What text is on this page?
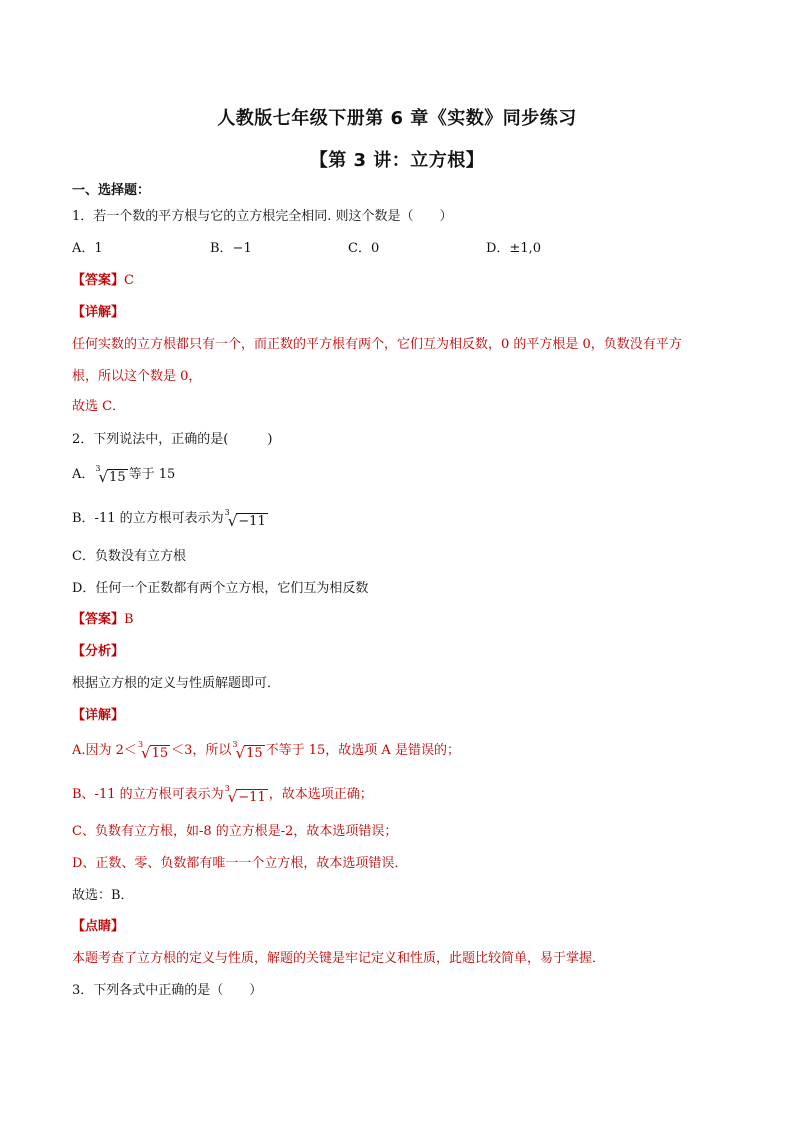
人教版七年级下册第 6 章《实数》同步练习
【第 3 讲：立方根】
一、选择题：
1．若一个数的平方根与它的立方根完全相同. 则这个数是（　　）
A．1	B．−1	C．0	D．±1,0
【答案】C
【详解】
任何实数的立方根都只有一个，而正数的平方根有两个，它们互为相反数，0 的平方根是 0，负数没有平方
根，所以这个数是 0，
故选 C．
2．下列说法中，正确的是(　　　)
A． 3
√ 15 等于 15
B．-11 的立方根可表示为 3
√ −11
C．负数没有立方根
D．任何一个正数都有两个立方根，它们互为相反数
【答案】B
【分析】
根据立方根的定义与性质解题即可．
【详解】
A.因为 2＜ 3
√ 15 ＜3，所以 3
√ 15 不等于 15，故选项 A 是错误的；
B、-11 的立方根可表示为 3
√ −11 ，故本选项正确；
C、负数有立方根，如-8 的立方根是-2，故本选项错误；
D、正数、零、负数都有唯一一个立方根，故本选项错误．
故选：B．
【点睛】
本题考查了立方根的定义与性质，解题的关键是牢记定义和性质，此题比较简单，易于掌握．
3．下列各式中正确的是（　　）
